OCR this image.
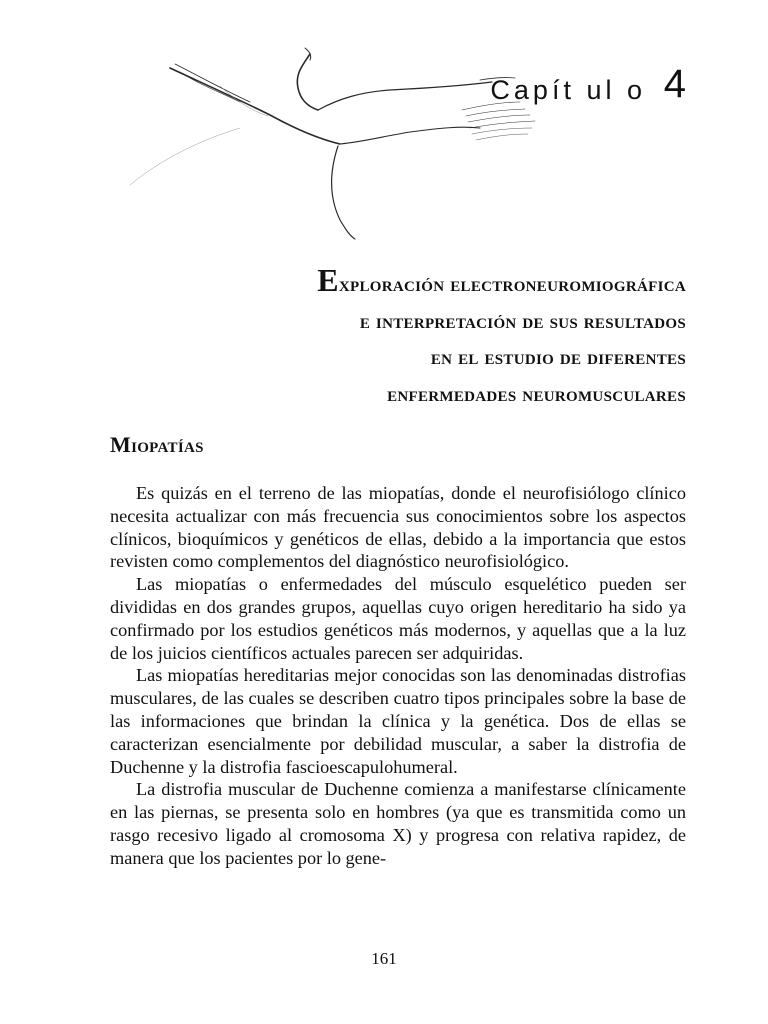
Capít ul o 4
Exploración electroneuromiográfica
e interpretación de sus resultados
en el estudio de diferentes
enfermedades neuromusculares
Miopatías

Es quizás en el terreno de las miopatías, donde el neurofisiólogo clínico necesita actualizar con más frecuencia sus conocimientos sobre los aspectos clínicos, bioquímicos y genéticos de ellas, debido a la importancia que estos revisten como complementos del diagnóstico neurofisiológico.

Las miopatías o enfermedades del músculo esquelético pueden ser divididas en dos grandes grupos, aquellas cuyo origen hereditario ha sido ya confirmado por los estudios genéticos más modernos, y aquellas que a la luz de los juicios científicos actuales parecen ser adquiridas.

Las miopatías hereditarias mejor conocidas son las denominadas distrofias musculares, de las cuales se describen cuatro tipos principales sobre la base de las informaciones que brindan la clínica y la genética. Dos de ellas se caracterizan esencialmente por debilidad muscular, a saber la distrofia de Duchenne y la distrofia fascioescapulohumeral.

La distrofia muscular de Duchenne comienza a manifestarse clínicamente en las piernas, se presenta solo en hombres (ya que es transmitida como un rasgo recesivo ligado al cromosoma X) y progresa con relativa rapidez, de manera que los pacientes por lo gene-

161
